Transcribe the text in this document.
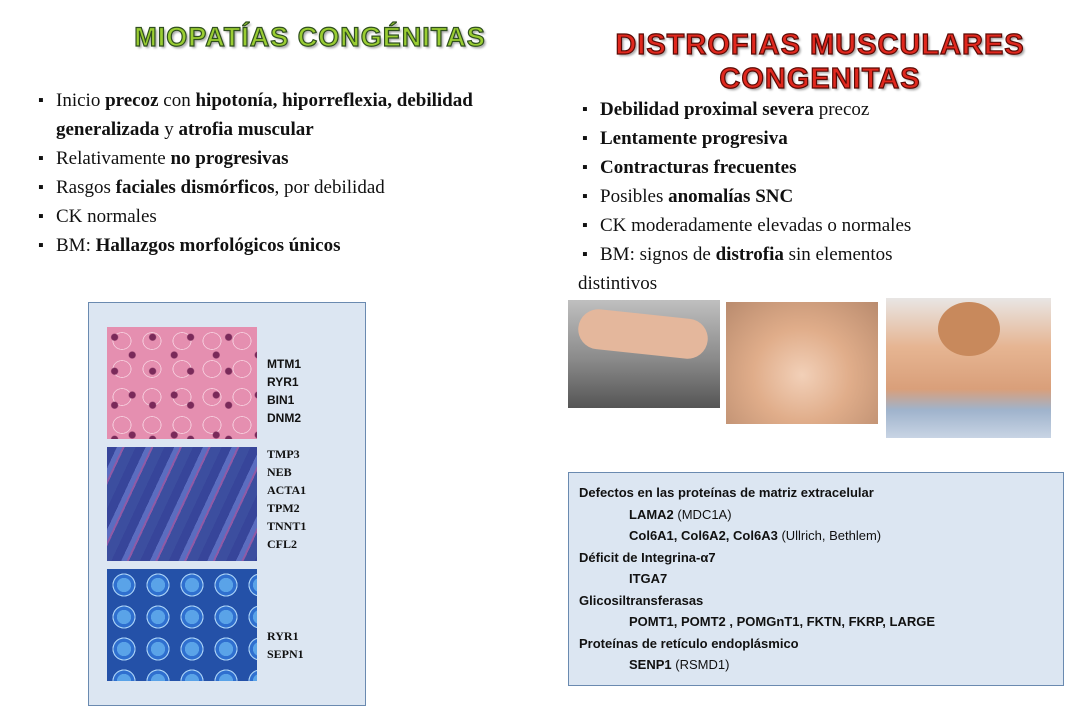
MIOPATÍAS CONGÉNITAS	DISTROFIAS MUSCULARES
CONGENITAS
▪ Inicio precoz con hipotonía, hiporreflexia, debilidad generalizada y atrofia muscular
▪ Relativamente no progresivas
▪ Rasgos faciales dismórficos, por debilidad
▪ CK normales
▪ BM: Hallazgos morfológicos únicos
▪ Debilidad proximal severa precoz
▪ Lentamente progresiva
▪ Contracturas frecuentes
▪ Posibles anomalías SNC
▪ CK moderadamente elevadas o normales
▪ BM: signos de distrofia sin elementos
distintivos
MTM1
RYR1
BIN1
DNM2
TMP3
NEB
ACTA1
TPM2
TNNT1
CFL2
RYR1
SEPN1
Defectos en las proteínas de matriz extracelular
LAMA2 (MDC1A)
Col6A1, Col6A2, Col6A3 (Ullrich, Bethlem)
Déficit de Integrina-α7
ITGA7
Glicosiltransferasas
POMT1, POMT2 , POMGnT1, FKTN, FKRP, LARGE
Proteínas de retículo endoplásmico
SENP1 (RSMD1)
